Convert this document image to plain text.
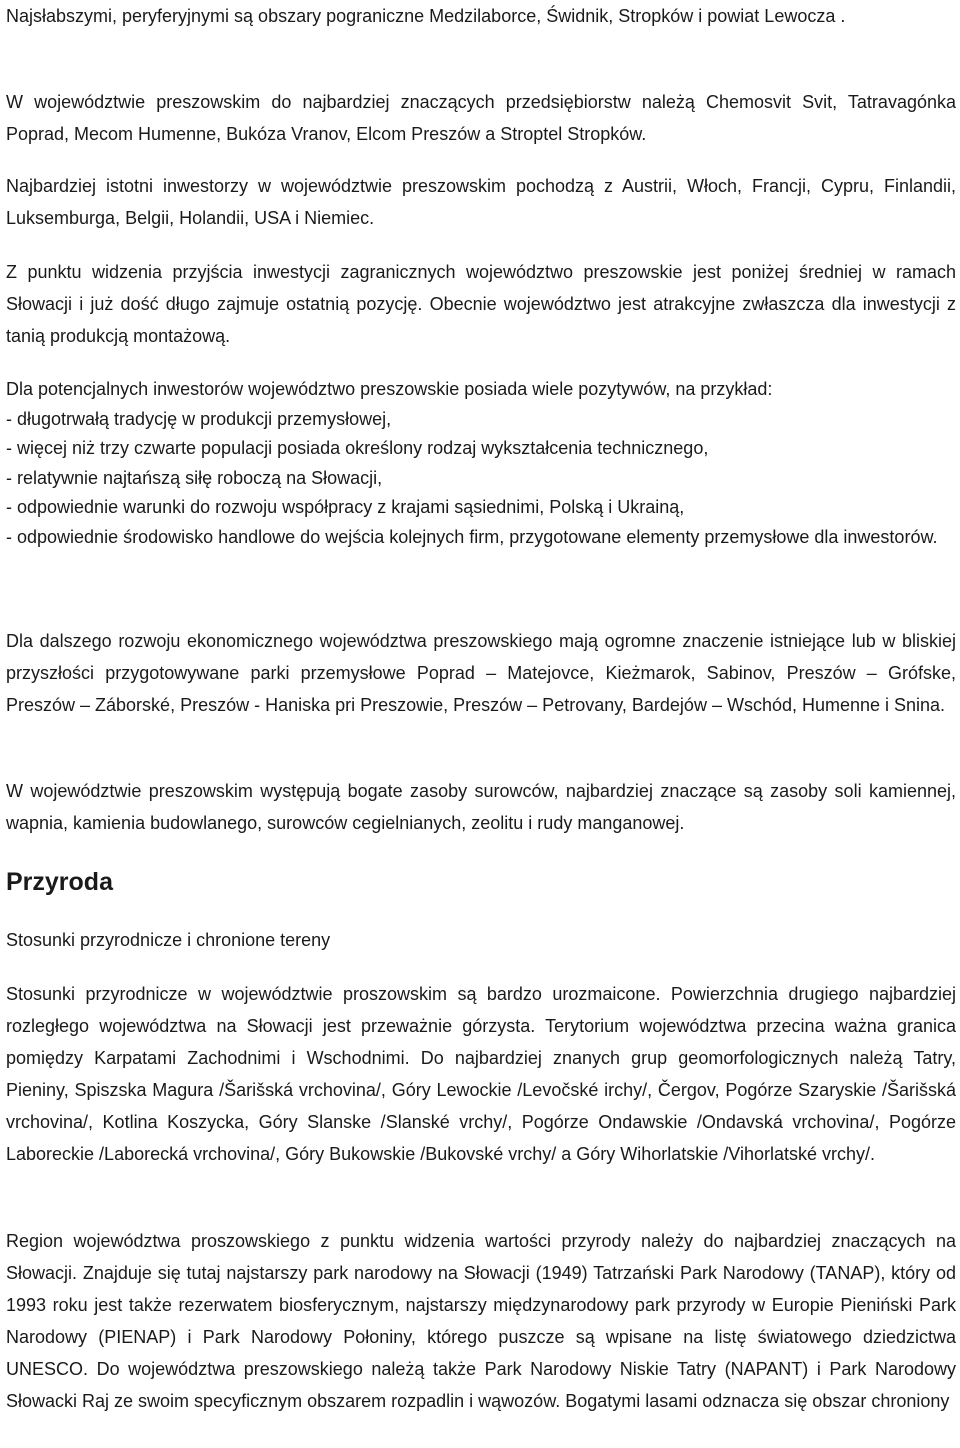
Najsłabszymi, peryferyjnymi są obszary pograniczne Medzilaborce, Świdnik, Stropków i powiat Lewocza .

W województwie preszowskim do najbardziej znaczących przedsiębiorstw należą Chemosvit Svit, Tatravagónka Poprad, Mecom Humenne, Bukóza Vranov, Elcom Preszów a Stroptel Stropków.

Najbardziej istotni inwestorzy w województwie preszowskim pochodzą z Austrii, Włoch, Francji, Cypru, Finlandii, Luksemburga, Belgii, Holandii, USA i Niemiec.

Z punktu widzenia przyjścia inwestycji zagranicznych województwo preszowskie jest poniżej średniej w ramach Słowacji i już dość długo zajmuje ostatnią pozycję. Obecnie województwo jest atrakcyjne zwłaszcza dla inwestycji z tanią produkcją montażową.

Dla potencjalnych inwestorów województwo preszowskie posiada wiele pozytywów, na przykład:
- długotrwałą tradycję w produkcji przemysłowej,
- więcej niż trzy czwarte populacji posiada określony rodzaj wykształcenia technicznego,
- relatywnie najtańszą siłę roboczą na Słowacji,
- odpowiednie warunki do rozwoju współpracy z krajami sąsiednimi, Polską i Ukrainą,
- odpowiednie środowisko handlowe do wejścia kolejnych firm, przygotowane elementy przemysłowe dla inwestorów.

Dla dalszego rozwoju ekonomicznego województwa preszowskiego mają ogromne znaczenie istniejące lub w bliskiej przyszłości przygotowywane parki przemysłowe Poprad – Matejovce, Kieżmarok, Sabinov, Preszów – Grófske, Preszów – Záborské, Preszów - Haniska pri Preszowie, Preszów – Petrovany, Bardejów – Wschód, Humenne i Snina.

W województwie preszowskim występują bogate zasoby surowców, najbardziej znaczące są zasoby soli kamiennej, wapnia, kamienia budowlanego, surowców cegielnianych, zeolitu i rudy manganowej.

Przyroda

Stosunki przyrodnicze i chronione tereny

Stosunki przyrodnicze w województwie proszowskim są bardzo urozmaicone. Powierzchnia drugiego najbardziej rozległego województwa na Słowacji jest przeważnie górzysta. Terytorium województwa przecina ważna granica pomiędzy Karpatami Zachodnimi i Wschodnimi. Do najbardziej znanych grup geomorfologicznych należą Tatry, Pieniny, Spiszska Magura /Šarišská vrchovina/, Góry Lewockie /Levočské irchy/, Čergov, Pogórze Szaryskie /Šarišská vrchovina/, Kotlina Koszycka, Góry Slanske /Slanské vrchy/, Pogórze Ondawskie /Ondavská vrchovina/, Pogórze Laboreckie /Laborecká vrchovina/, Góry Bukowskie /Bukovské vrchy/ a Góry Wihorlatskie /Vihorlatské vrchy/.

Region województwa proszowskiego z punktu widzenia wartości przyrody należy do najbardziej znaczących na Słowacji. Znajduje się tutaj najstarszy park narodowy na Słowacji (1949) Tatrzański Park Narodowy (TANAP), który od 1993 roku jest także rezerwatem biosferycznym, najstarszy międzynarodowy park przyrody w Europie Pieniński Park Narodowy (PIENAP) i Park Narodowy Połoniny, którego puszcze są wpisane na listę światowego dziedzictwa UNESCO. Do województwa preszowskiego należą także Park Narodowy Niskie Tatry (NAPANT) i Park Narodowy Słowacki Raj ze swoim specyficznym obszarem rozpadlin i wąwozów. Bogatymi lasami odznacza się obszar chroniony
